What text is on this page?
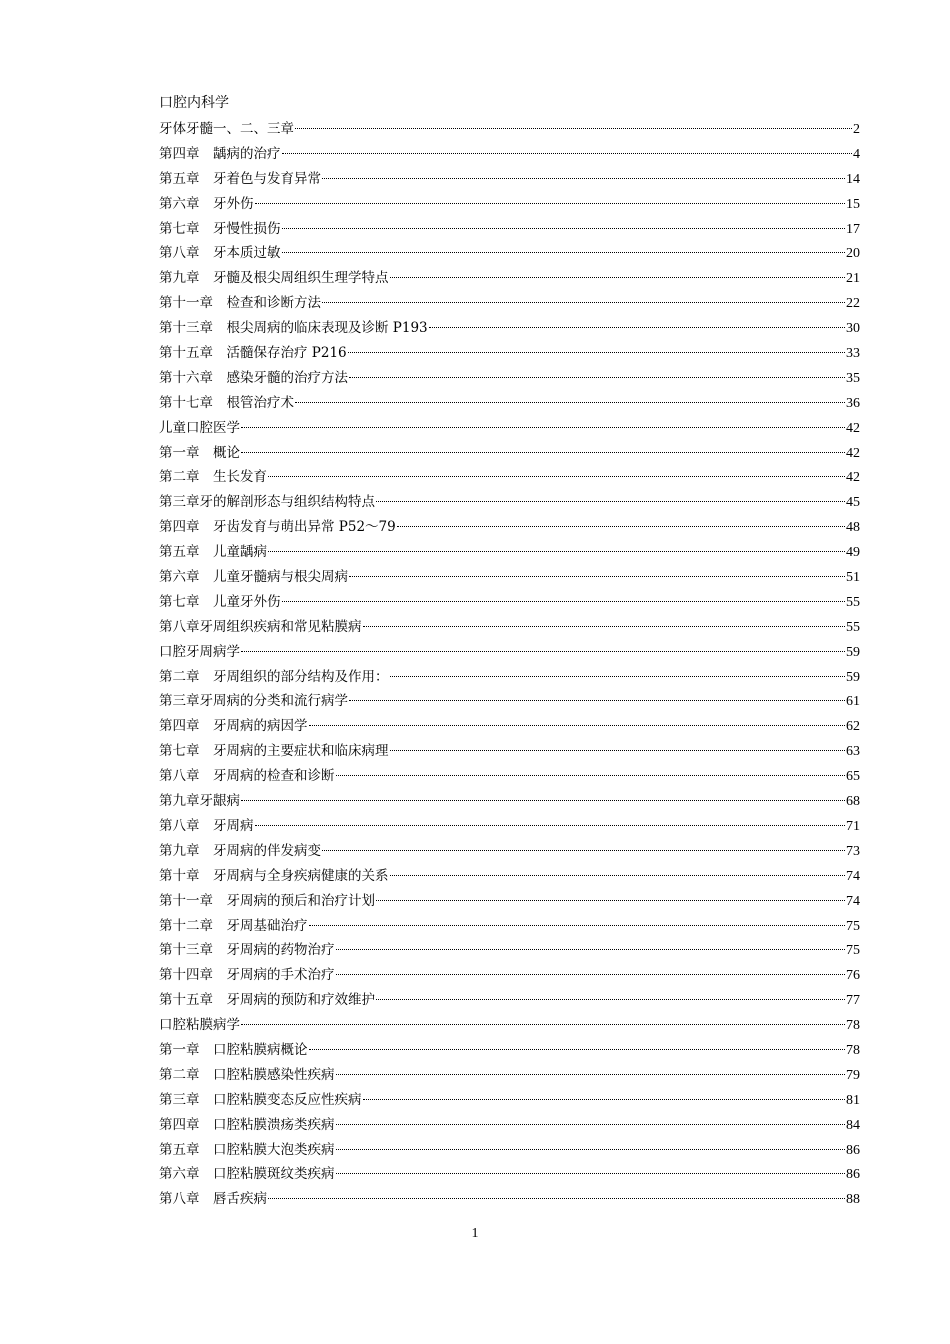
口腔内科学
牙体牙髓一、二、三章	2
第四章　龋病的治疗	4
第五章　牙着色与发育异常	14
第六章　牙外伤	15
第七章　牙慢性损伤	17
第八章　牙本质过敏	20
第九章　牙髓及根尖周组织生理学特点	21
第十一章　检查和诊断方法	22
第十三章　根尖周病的临床表现及诊断 P193	30
第十五章　活髓保存治疗 P216	33
第十六章　感染牙髓的治疗方法	35
第十七章　根管治疗术	36
儿童口腔医学	42
第一章　概论	42
第二章　生长发育	42
第三章牙的解剖形态与组织结构特点	45
第四章　牙齿发育与萌出异常 P52～79	48
第五章　儿童龋病	49
第六章　儿童牙髓病与根尖周病	51
第七章　儿童牙外伤	55
第八章牙周组织疾病和常见粘膜病	55
口腔牙周病学	59
第二章　牙周组织的部分结构及作用：	59
第三章牙周病的分类和流行病学	61
第四章　牙周病的病因学	62
第七章　牙周病的主要症状和临床病理	63
第八章　牙周病的检查和诊断	65
第九章牙龈病	68
第八章　牙周病	71
第九章　牙周病的伴发病变	73
第十章　牙周病与全身疾病健康的关系	74
第十一章　牙周病的预后和治疗计划	74
第十二章　牙周基础治疗	75
第十三章　牙周病的药物治疗	75
第十四章　牙周病的手术治疗	76
第十五章　牙周病的预防和疗效维护	77
口腔粘膜病学	78
第一章　口腔粘膜病概论	78
第二章　口腔粘膜感染性疾病	79
第三章　口腔粘膜变态反应性疾病	81
第四章　口腔粘膜溃疡类疾病	84
第五章　口腔粘膜大泡类疾病	86
第六章　口腔粘膜斑纹类疾病	86
第八章　唇舌疾病	88
1
